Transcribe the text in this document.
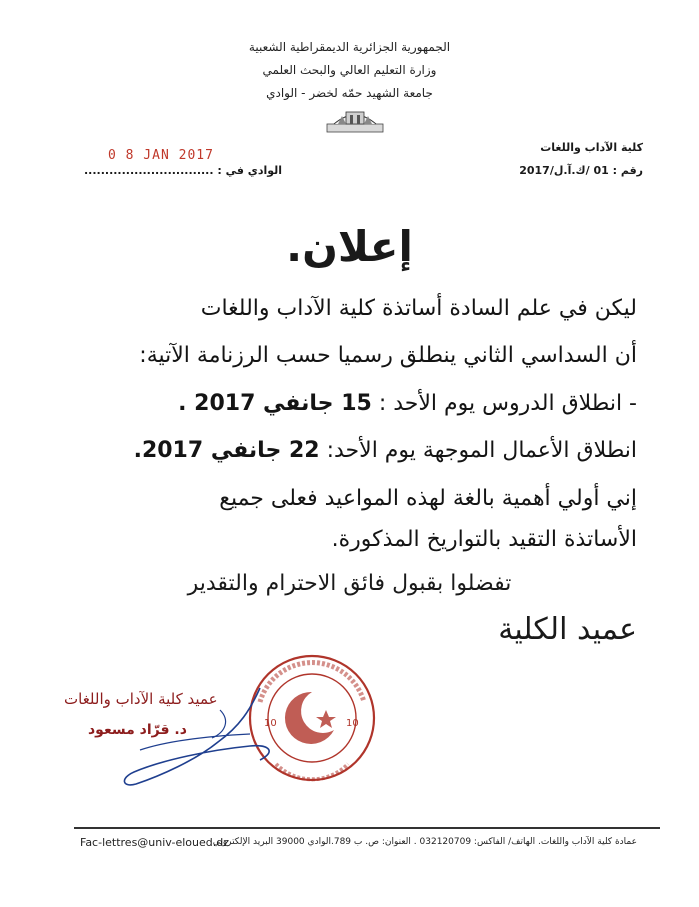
الجمهورية الجزائرية الديمقراطية الشعبية
وزارة التعليم العالي والبحث العلمي
جامعة الشهيد حمّه لخضر - الوادي
كلية الآداب واللغات
رقم : 01 /ك.آ.ل/2017
0 8 JAN 2017
الوادي في : ...............................
إعلان.
ليكن في علم السادة أساتذة كلية الآداب واللغات
أن السداسي الثاني ينطلق رسميا حسب الرزنامة الآتية:
- انطلاق الدروس يوم الأحد : 15 جانفي 2017 .
انطلاق الأعمال الموجهة يوم الأحد: 22 جانفي 2017.
إني أولي أهمية بالغة لهذه المواعيد فعلى جميع
الأساتذة التقيد بالتواريخ المذكورة.
تفضلوا بقبول فائق الاحترام والتقدير
عميد الكلية
10	10
عميد كلية الآداب واللغات
د. قرّاد مسعود
Fac-lettres@univ-eloued.dz
عمادة كلية الآداب واللغات. الهاتف/ الفاكس: 032120709 . العنوان: ص. ب 789.الوادي 39000 البريد الإلكتروني
